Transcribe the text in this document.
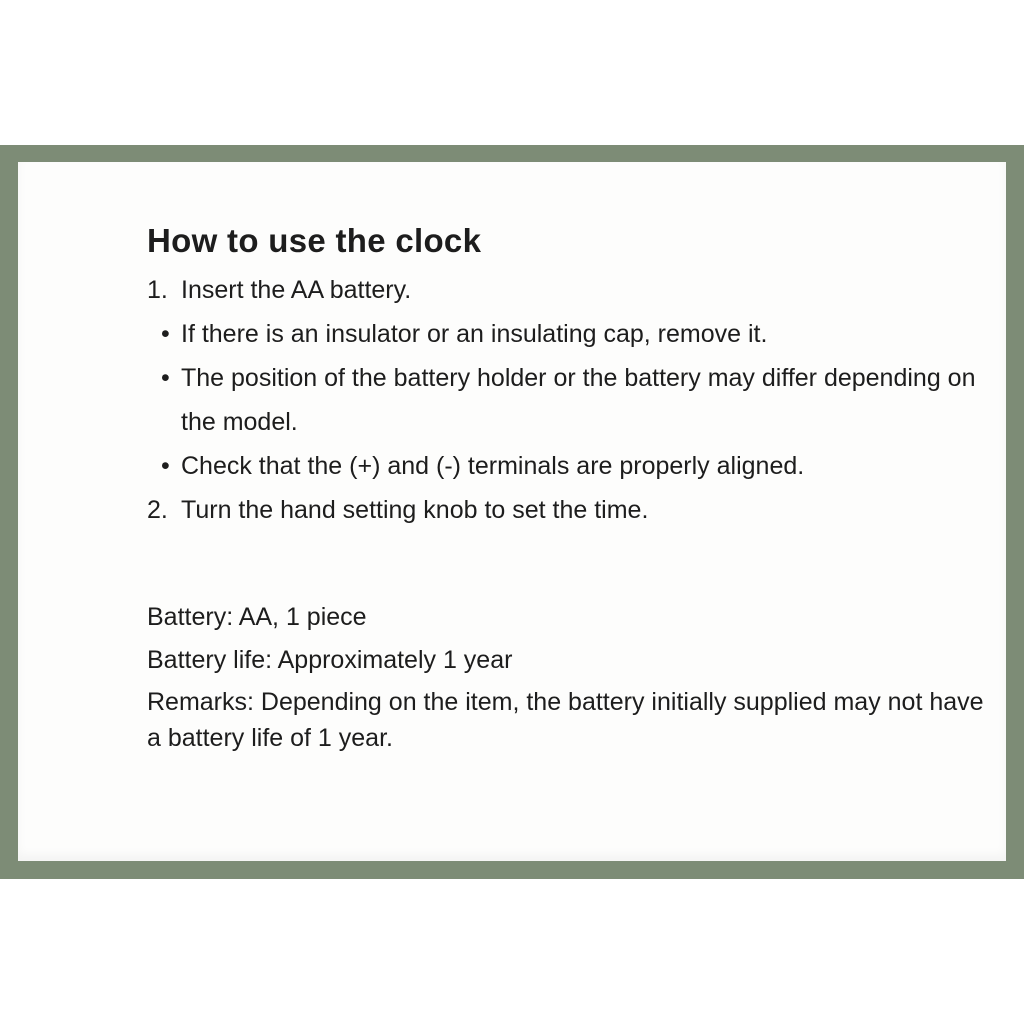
How to use the clock
1. Insert the AA battery.
• If there is an insulator or an insulating cap, remove it.
• The position of the battery holder or the battery may differ depending on the model.
• Check that the (+) and (-) terminals are properly aligned.
2. Turn the hand setting knob to set the time.
Battery: AA, 1 piece
Battery life: Approximately 1 year
Remarks: Depending on the item, the battery initially supplied may not have a battery life of 1 year.
